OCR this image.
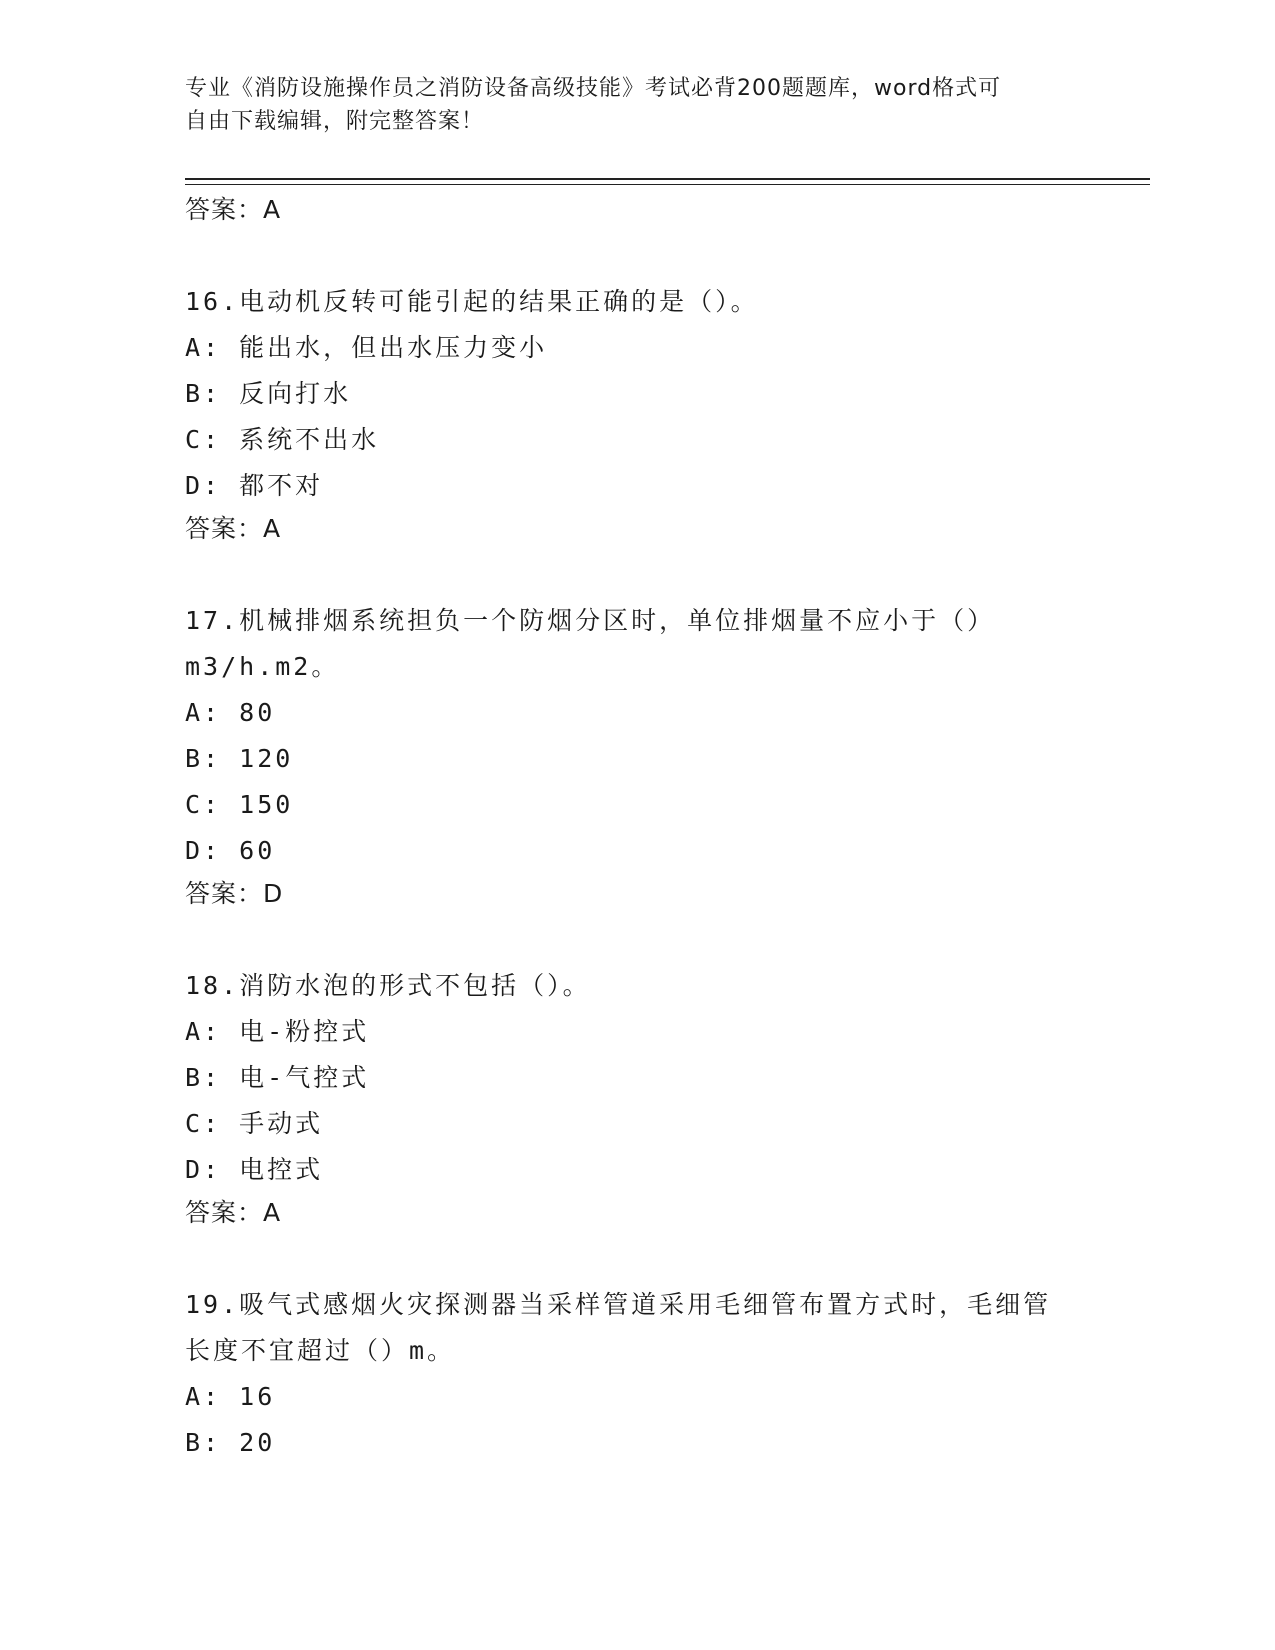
专业《消防设施操作员之消防设备高级技能》考试必背200题题库，word格式可
自由下载编辑，附完整答案！
答案：A
16.电动机反转可能引起的结果正确的是（）。
A: 能出水，但出水压力变小
B: 反向打水
C: 系统不出水
D: 都不对
答案：A
17.机械排烟系统担负一个防烟分区时，单位排烟量不应小于（）
m3/h.m2。
A: 80
B: 120
C: 150
D: 60
答案：D
18.消防水泡的形式不包括（）。
A: 电-粉控式
B: 电-气控式
C: 手动式
D: 电控式
答案：A
19.吸气式感烟火灾探测器当采样管道采用毛细管布置方式时，毛细管
长度不宜超过（）m。
A: 16
B: 20
